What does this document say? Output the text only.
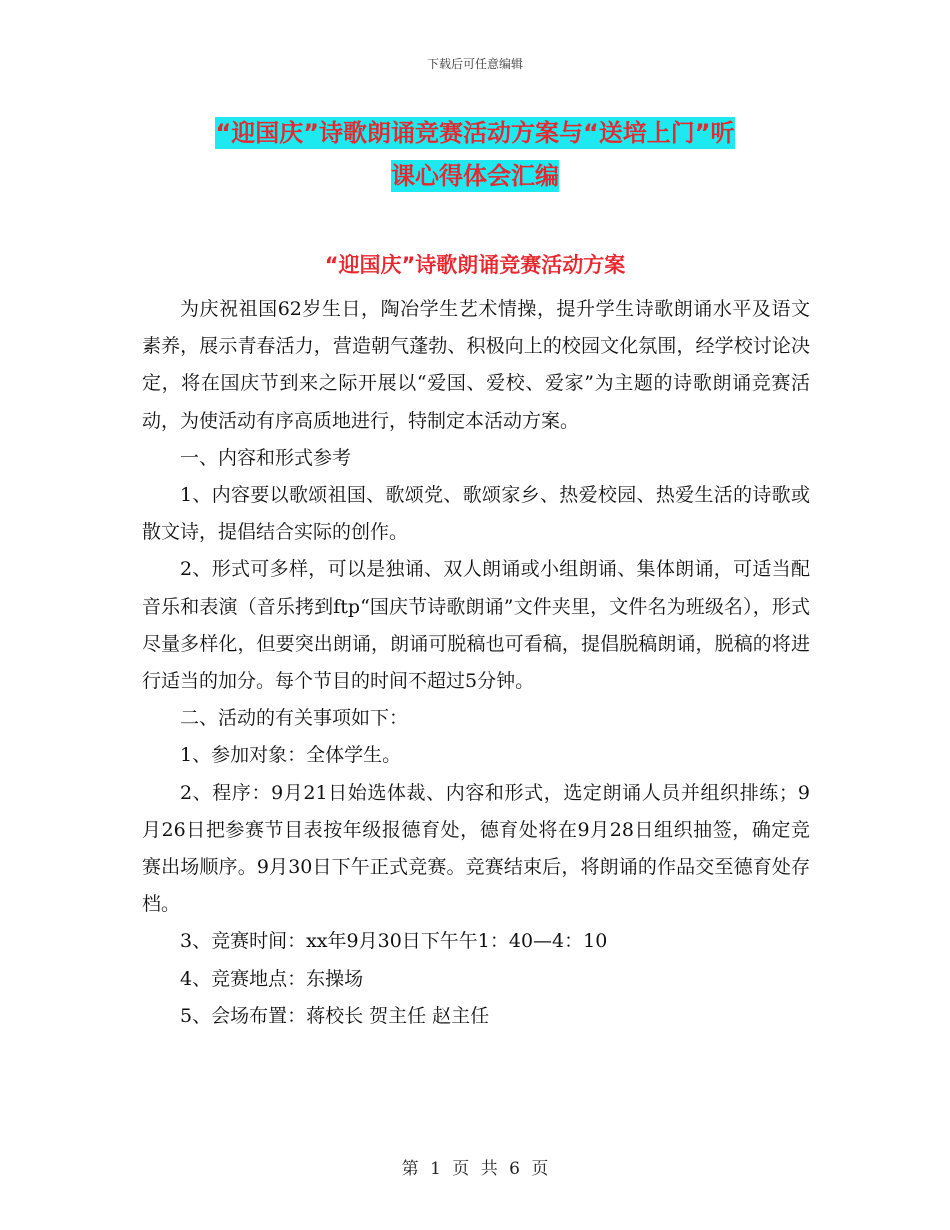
下载后可任意编辑
“迎国庆”诗歌朗诵竞赛活动方案与“送培上门”听
课心得体会汇编
“迎国庆”诗歌朗诵竞赛活动方案

为庆祝祖国62岁生日，陶冶学生艺术情操，提升学生诗歌朗诵水平及语文素养，展示青春活力，营造朝气蓬勃、积极向上的校园文化氛围，经学校讨论决定，将在国庆节到来之际开展以“爱国、爱校、爱家”为主题的诗歌朗诵竞赛活动，为使活动有序高质地进行，特制定本活动方案。

一、内容和形式参考

1、内容要以歌颂祖国、歌颂党、歌颂家乡、热爱校园、热爱生活的诗歌或散文诗，提倡结合实际的创作。

2、形式可多样，可以是独诵、双人朗诵或小组朗诵、集体朗诵，可适当配音乐和表演（音乐拷到ftp“国庆节诗歌朗诵”文件夹里，文件名为班级名），形式尽量多样化，但要突出朗诵，朗诵可脱稿也可看稿，提倡脱稿朗诵，脱稿的将进行适当的加分。每个节目的时间不超过5分钟。

二、活动的有关事项如下：

1、参加对象：全体学生。

2、程序：9月21日始选体裁、内容和形式，选定朗诵人员并组织排练；9月26日把参赛节目表按年级报德育处，德育处将在9月28日组织抽签，确定竞赛出场顺序。9月30日下午正式竞赛。竞赛结束后，将朗诵的作品交至德育处存档。

3、竞赛时间：xx年9月30日下午午1：40—4：10

4、竞赛地点：东操场

5、会场布置：蒋校长 贺主任 赵主任

第 1 页 共 6 页
